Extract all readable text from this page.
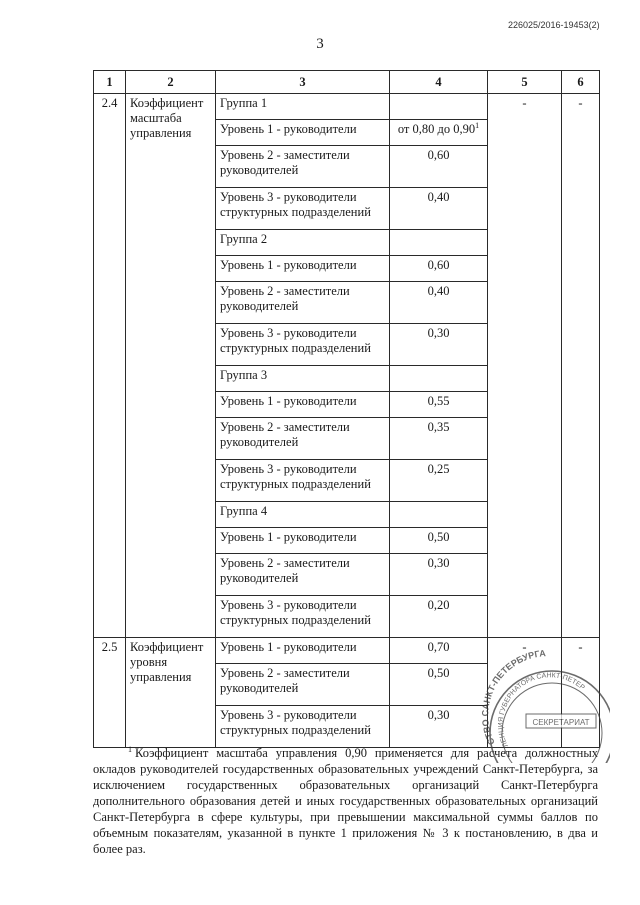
226025/2016-19453(2)
3
1	2	3	4	5	6
2.4	Коэффициент масштаба управления	Группа 1		-	-
		Уровень 1 - руководители	от 0,80 до 0,90$^1$
		Уровень 2 - заместители руководителей	0,60		
		Уровень 3 - руководители структурных подразделений	0,40		
		Группа 2			
		Уровень 1 - руководители	0,60		
		Уровень 2 - заместители руководителей	0,40		
		Уровень 3 - руководители структурных подразделений	0,30		
		Группа 3			
		Уровень 1 - руководители	0,55		
		Уровень 2 - заместители руководителей	0,35		
		Уровень 3 - руководители структурных подразделений	0,25		
		Группа 4			
		Уровень 1 - руководители	0,50		
		Уровень 2 - заместители руководителей	0,30		
		Уровень 3 - руководители структурных подразделений	0,20		
2.5	Коэффициент уровня управления	Уровень 1 - руководители	0,70	-	-
		Уровень 2 - заместители руководителей	0,50		
		Уровень 3 - руководители структурных подразделений	0,30		

$^1$ Коэффициент масштаба управления 0,90 применяется для расчета должностных окладов руководителей государственных образовательных учреждений Санкт-Петербурга, за исключением государственных образовательных организаций Санкт-Петербурга дополнительного образования детей и иных государственных образовательных организаций Санкт-Петербурга в сфере культуры, при превышении максимальной суммы баллов по объемным показателям, указанной в пункте 1 приложения № 3 к постановлению, в два и более раз.

СТВО САНКТ-ПЕТЕРБУРГА
ЛЕНЦИЯ ГУБЕРНАТОРА САНКТ-ПЕТЕР
СЕКРЕТАРИАТ
